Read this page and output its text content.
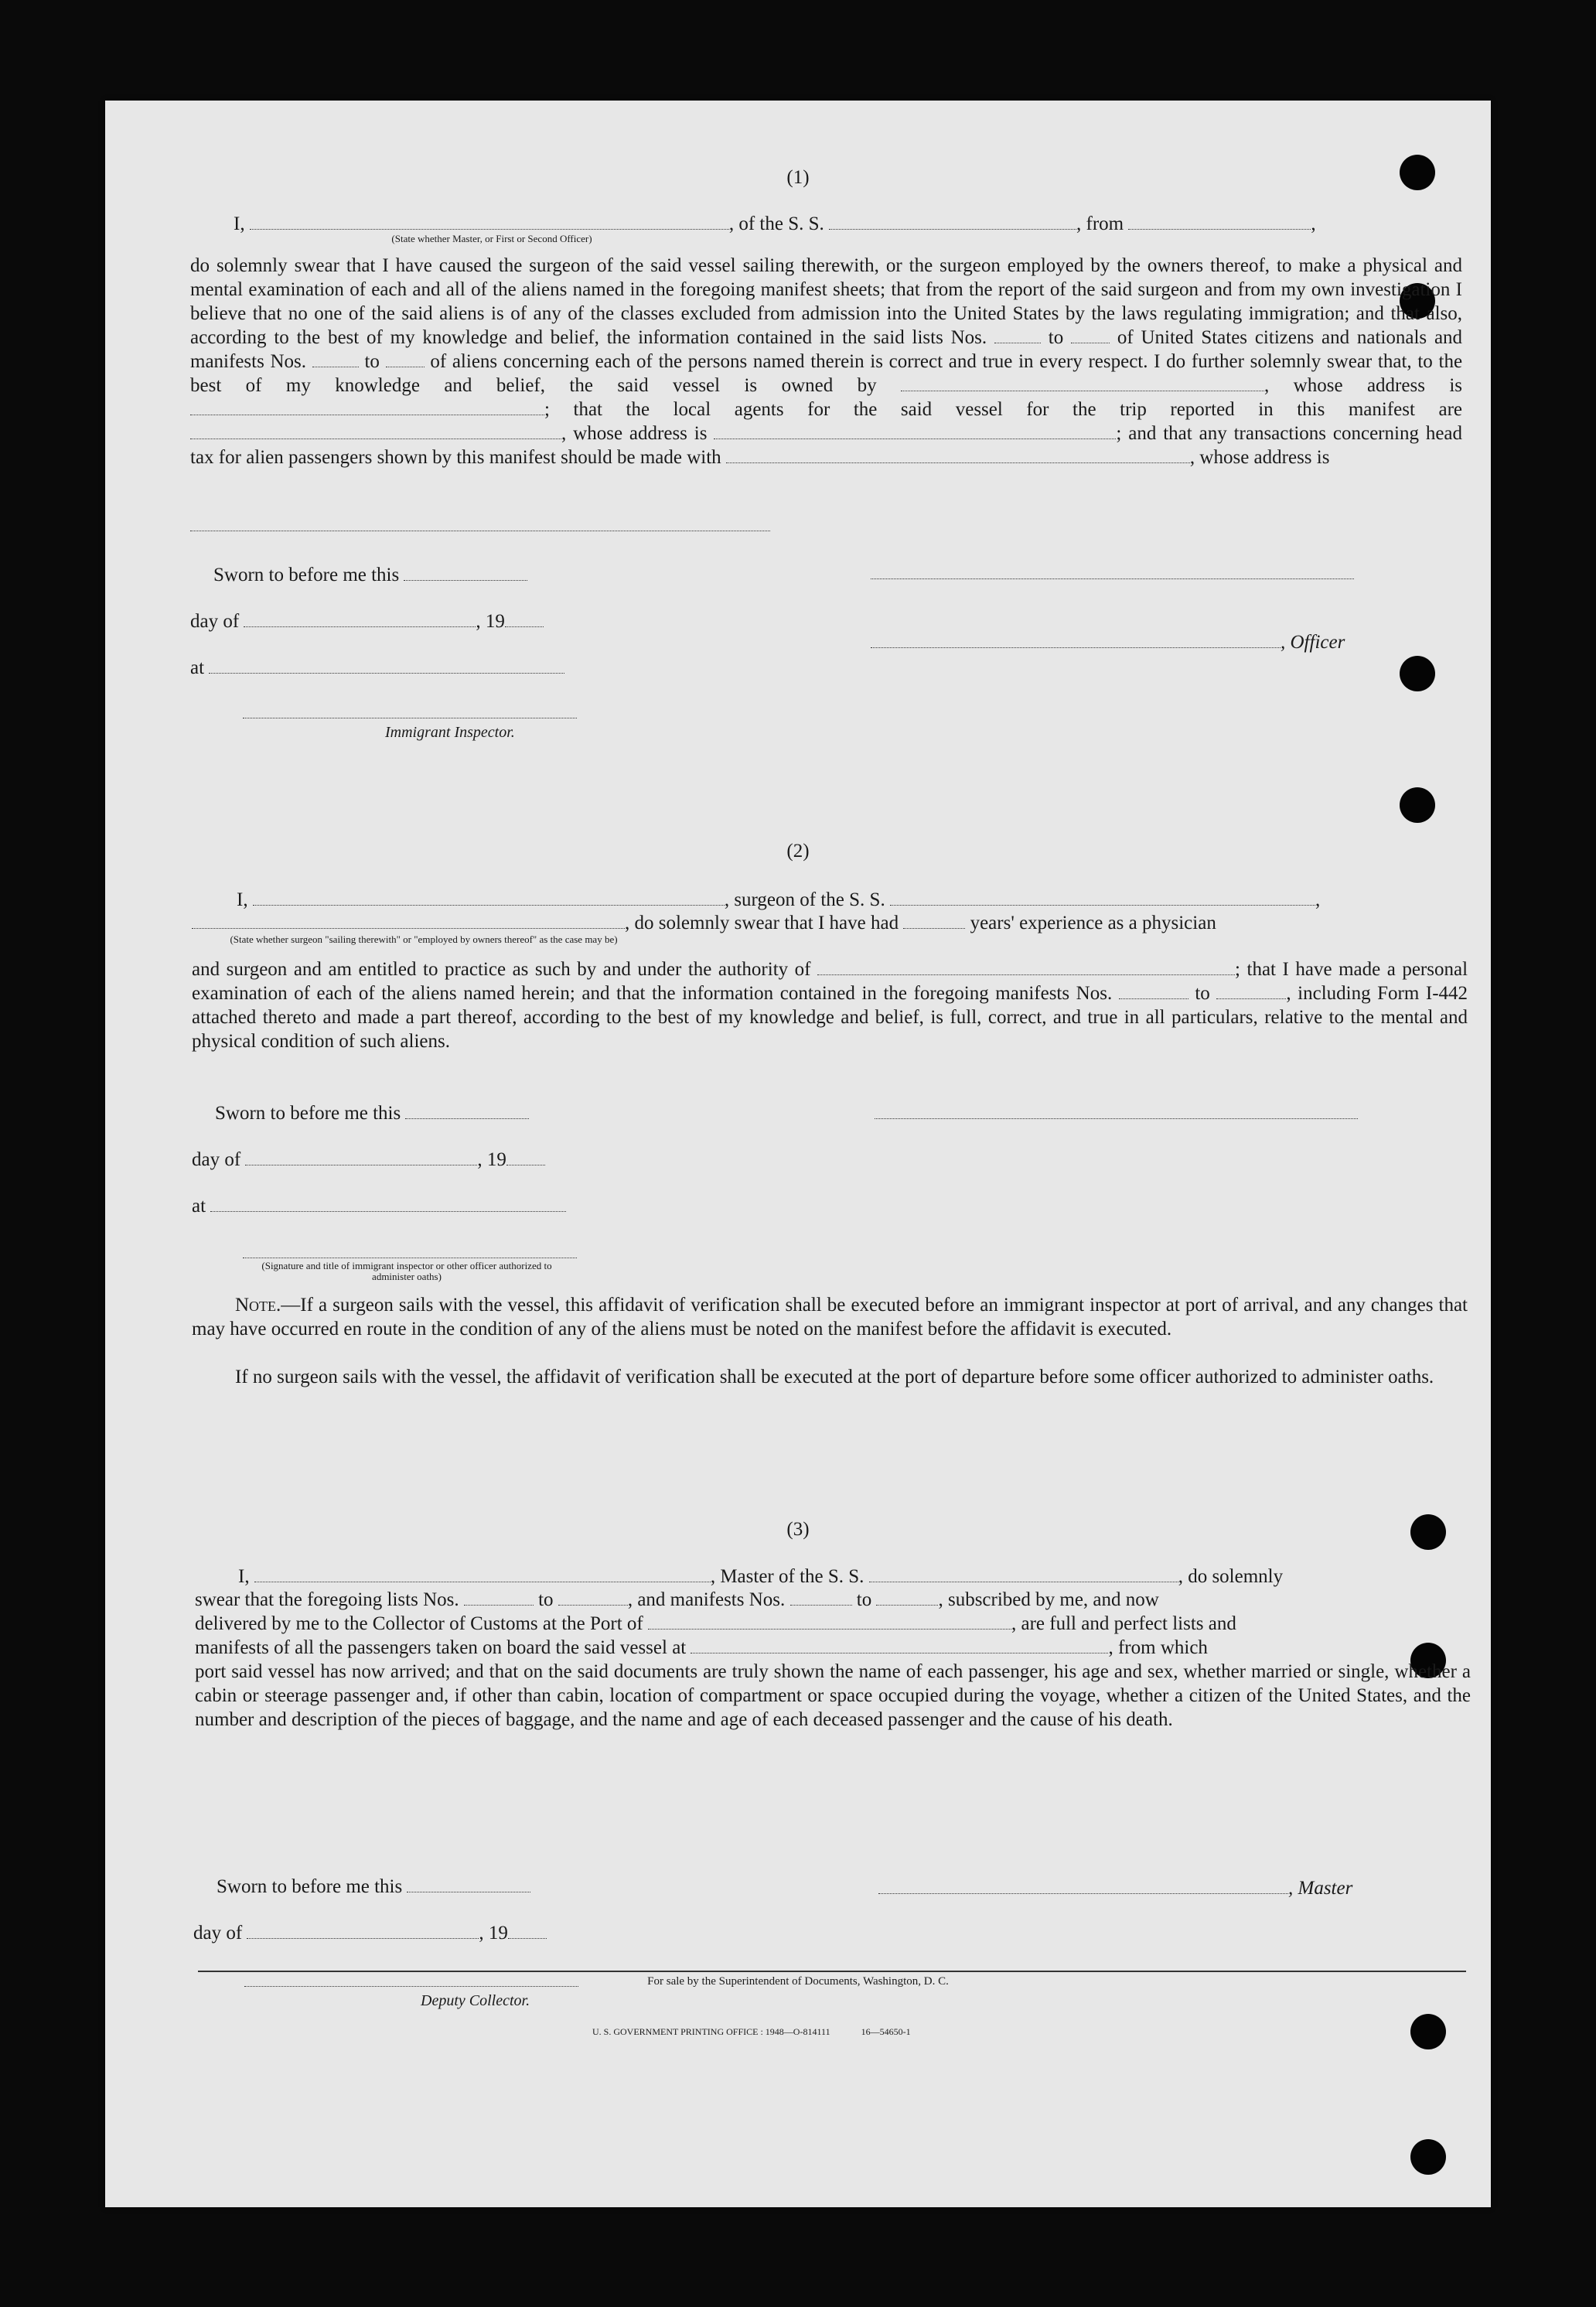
(1)
I,	, of the S. S.	, from	,
(State whether Master, or First or Second Officer)
do solemnly swear that I have caused the surgeon of the said vessel sailing therewith, or the surgeon employed by the owners thereof, to make a physical and mental examination of each and all of the aliens named in the foregoing manifest sheets; that from the report of the said surgeon and from my own investigation I believe that no one of the said aliens is of any of the classes excluded from admission into the United States by the laws regulating immigration; and that also, according to the best of my knowledge and belief, the information contained in the said lists Nos.	to	of United States citizens and nationals and manifests Nos.	to	of aliens concerning each of the persons named therein is correct and true in every respect. I do further solemnly swear that, to the best of my knowledge and belief, the said vessel is owned by	, whose address is ; that the local agents for the said vessel for the trip reported in this manifest are , whose address is	; and that any transactions concerning head tax for alien passengers shown by this manifest should be made with	, whose address is
Sworn to before me this
day of	, 19
at
, Officer
Immigrant Inspector.
(2)
I,	, surgeon of the S. S.	,
, do solemnly swear that I have had	years' experience as a physician
(State whether surgeon "sailing therewith" or "employed by owners thereof" as the case may be)
and surgeon and am entitled to practice as such by and under the authority of	; that I have made a personal examination of each of the aliens named herein; and that the information contained in the foregoing manifests Nos.	to	, including Form I-442 attached thereto and made a part thereof, according to the best of my knowledge and belief, is full, correct, and true in all particulars, relative to the mental and physical condition of such aliens.
Sworn to before me this
day of	, 19
at
(Signature and title of immigrant inspector or other officer authorized to administer oaths)
Note.—If a surgeon sails with the vessel, this affidavit of verification shall be executed before an immigrant inspector at port of arrival, and any changes that may have occurred en route in the condition of any of the aliens must be noted on the manifest before the affidavit is executed.
If no surgeon sails with the vessel, the affidavit of verification shall be executed at the port of departure before some officer authorized to administer oaths.
(3)
I,	, Master of the S. S.	, do solemnly
swear that the foregoing lists Nos.	to	, and manifests Nos.	to	, subscribed by me, and now
delivered by me to the Collector of Customs at the Port of	, are full and perfect lists and
manifests of all the passengers taken on board the said vessel at	, from which
port said vessel has now arrived; and that on the said documents are truly shown the name of each passenger, his age and sex, whether married or single, whether a cabin or steerage passenger and, if other than cabin, location of compartment or space occupied during the voyage, whether a citizen of the United States, and the number and description of the pieces of baggage, and the name and age of each deceased passenger and the cause of his death.
Sworn to before me this	, Master
day of	, 19
Deputy Collector.
U. S. GOVERNMENT PRINTING OFFICE : 1948—O-814111	16—54650-1
For sale by the Superintendent of Documents, Washington, D. C.
